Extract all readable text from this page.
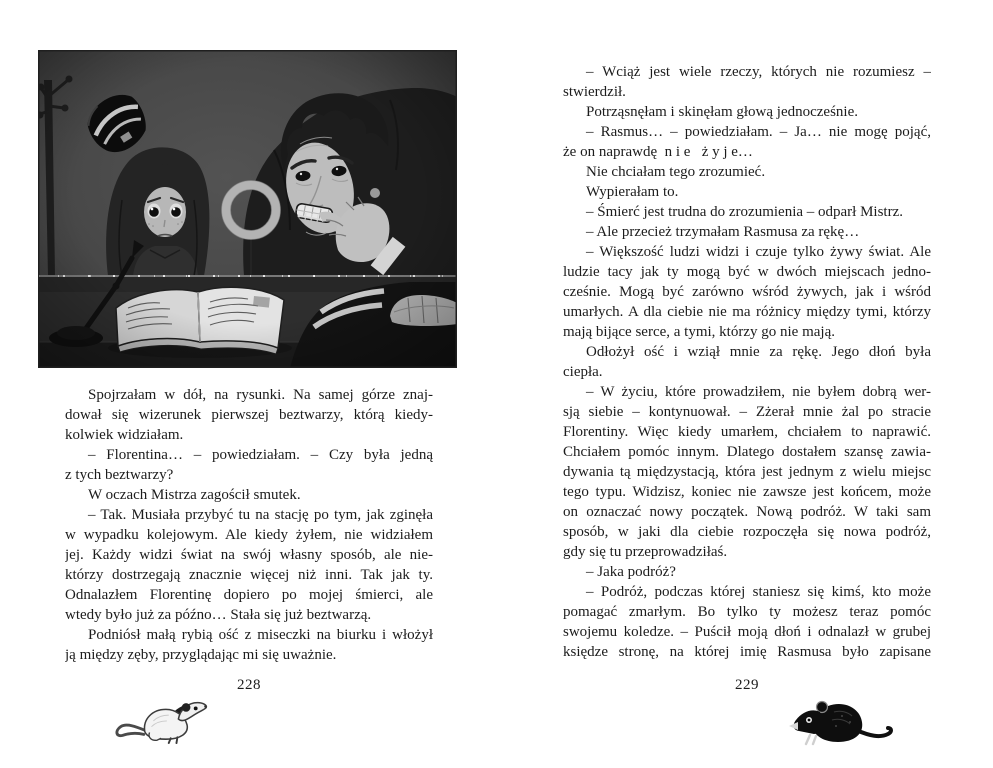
Spojrzałam w dół, na rysunki. Na samej górze znaj-
dował się wizerunek pierwszej beztwarzy, którą kiedy-
kolwiek widziałam.
– Florentina… – powiedziałam. – Czy była jedną
z tych beztwarzy?
W oczach Mistrza zagościł smutek.
– Tak. Musiała przybyć tu na stację po tym, jak zginęła
w wypadku kolejowym. Ale kiedy żyłem, nie widziałem
jej. Każdy widzi świat na swój własny sposób, ale nie-
którzy dostrzegają znacznie więcej niż inni. Tak jak ty.
Odnalazłem Florentinę dopiero po mojej śmierci, ale
wtedy było już za późno… Stała się już beztwarzą.
Podniósł małą rybią ość z miseczki na biurku i włożył
ją między zęby, przyglądając mi się uważnie.
228
– Wciąż jest wiele rzeczy, których nie rozumiesz –
stwierdził.
Potrząsnęłam i skinęłam głową jednocześnie.
– Rasmus… – powiedziałam. – Ja… nie mogę pojąć,
że on naprawdę  n i e   ż y j e…
Nie chciałam tego zrozumieć.
Wypierałam to.
– Śmierć jest trudna do zrozumienia – odparł Mistrz.
– Ale przecież trzymałam Rasmusa za rękę…
– Większość ludzi widzi i czuje tylko żywy świat. Ale
ludzie tacy jak ty mogą być w dwóch miejscach jedno-
cześnie. Mogą być zarówno wśród żywych, jak i wśród
umarłych. A dla ciebie nie ma różnicy między tymi, którzy
mają bijące serce, a tymi, którzy go nie mają.
Odłożył ość i wziął mnie za rękę. Jego dłoń była
ciepła.
– W życiu, które prowadziłem, nie byłem dobrą wer-
sją siebie – kontynuował. – Zżerał mnie żal po stracie
Florentiny. Więc kiedy umarłem, chciałem to naprawić.
Chciałem pomóc innym. Dlatego dostałem szansę zawia-
dywania tą międzystacją, która jest jednym z wielu miejsc
tego typu. Widzisz, koniec nie zawsze jest końcem, może
on oznaczać nowy początek. Nową podróż. W taki sam
sposób, w jaki dla ciebie rozpoczęła się nowa podróż,
gdy się tu przeprowadziłaś.
– Jaka podróż?
– Podróż, podczas której staniesz się kimś, kto może
pomagać zmarłym. Bo tylko ty możesz teraz pomóc
swojemu koledze. – Puścił moją dłoń i odnalazł w grubej
księdze stronę, na której imię Rasmusa było zapisane
229
